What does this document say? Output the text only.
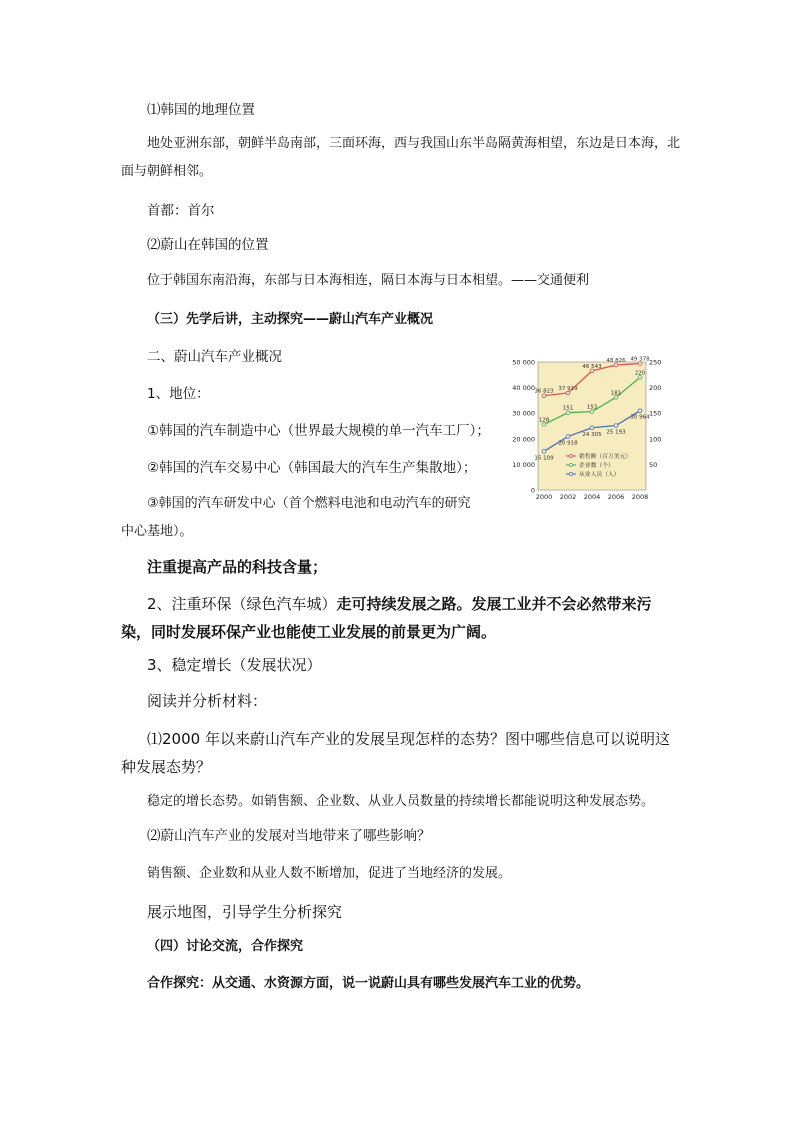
⑴韩国的地理位置
地处亚洲东部，朝鲜半岛南部，三面环海，西与我国山东半岛隔黄海相望，东边是日本海，北面与朝鲜相邻。
首都：首尔
⑵蔚山在韩国的位置
位于韩国东南沿海，东部与日本海相连，隔日本海与日本相望。——交通便利
（三）先学后讲，主动探究——蔚山汽车产业概况
二、蔚山汽车产业概况
1、地位：
①韩国的汽车制造中心（世界最大规模的单一汽车工厂）；
②韩国的汽车交易中心（韩国最大的汽车生产集散地）；
③韩国的汽车研发中心（首个燃料电池和电动汽车的研究中心基地）。
0
10 000
20 000
30 000
40 000
50 000
50
100
150
200
250
2000 2002 2004 2006 2008
36 823 37 919
46 543
48 826 49 378
销售额（百万美元）
128
151 153
181
220
企业数（个）
15 109
20 918
24 305 25 193
30 964
从业人员（人）
注重提高产品的科技含量；
2、注重环保（绿色汽车城）走可持续发展之路。发展工业并不会必然带来污染，同时发展环保产业也能使工业发展的前景更为广阔。
3、稳定增长（发展状况）
阅读并分析材料：
⑴2000 年以来蔚山汽车产业的发展呈现怎样的态势？图中哪些信息可以说明这种发展态势？
稳定的增长态势。如销售额、企业数、从业人员数量的持续增长都能说明这种发展态势。
⑵蔚山汽车产业的发展对当地带来了哪些影响？
销售额、企业数和从业人数不断增加，促进了当地经济的发展。
展示地图，引导学生分析探究
（四）讨论交流，合作探究
合作探究：从交通、水资源方面，说一说蔚山具有哪些发展汽车工业的优势。
